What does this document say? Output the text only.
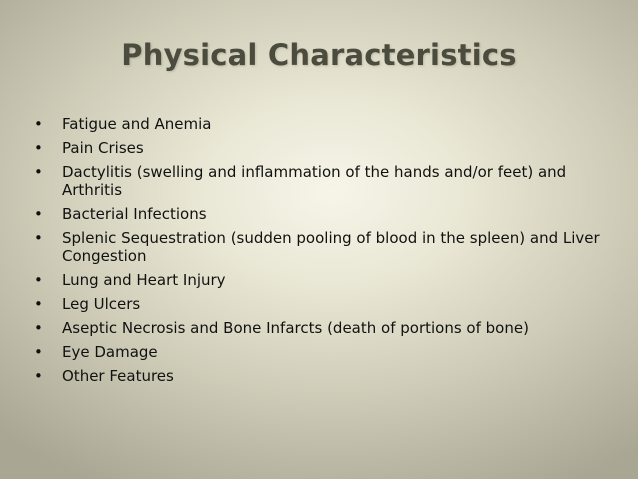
Physical Characteristics
• Fatigue and Anemia
• Pain Crises
• Dactylitis (swelling and inflammation of the hands and/or feet) and Arthritis
• Bacterial Infections
• Splenic Sequestration (sudden pooling of blood in the spleen) and Liver Congestion
• Lung and Heart Injury
• Leg Ulcers
• Aseptic Necrosis and Bone Infarcts (death of portions of bone)
• Eye Damage
• Other Features
